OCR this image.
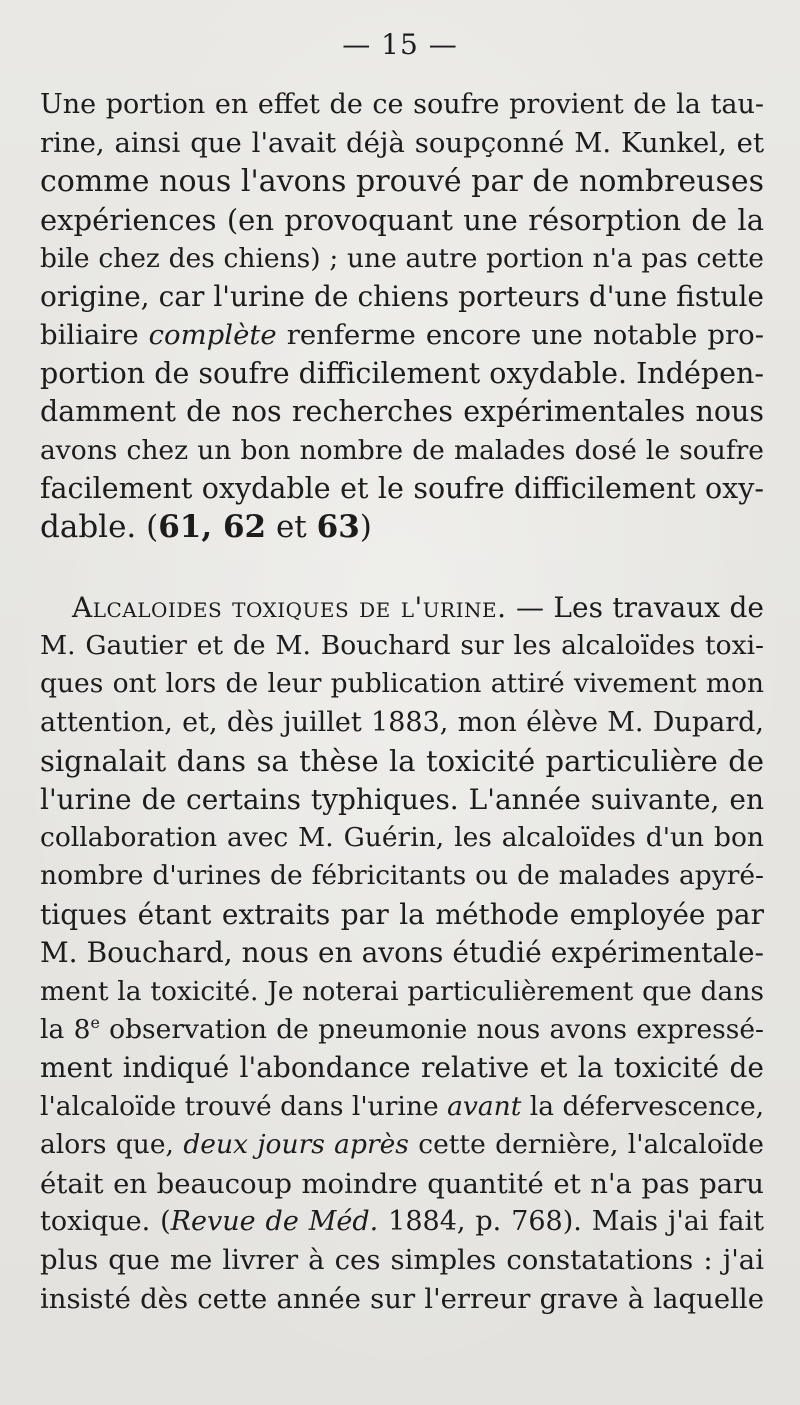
— 15 —
Une portion en effet de ce soufre provient de la tau-
rine, ainsi que l'avait déjà soupçonné M. Kunkel, et
comme nous l'avons prouvé par de nombreuses
expériences (en provoquant une résorption de la
bile chez des chiens) ; une autre portion n'a pas cette
origine, car l'urine de chiens porteurs d'une fistule
biliaire complète renferme encore une notable pro-
portion de soufre difficilement oxydable. Indépen-
damment de nos recherches expérimentales nous
avons chez un bon nombre de malades dosé le soufre
facilement oxydable et le soufre difficilement oxy-
dable. (61, 62 et 63)
Alcaloides toxiques de l'urine. — Les travaux de
M. Gautier et de M. Bouchard sur les alcaloïdes toxi-
ques ont lors de leur publication attiré vivement mon
attention, et, dès juillet 1883, mon élève M. Dupard,
signalait dans sa thèse la toxicité particulière de
l'urine de certains typhiques. L'année suivante, en
collaboration avec M. Guérin, les alcaloïdes d'un bon
nombre d'urines de fébricitants ou de malades apyré-
tiques étant extraits par la méthode employée par
M. Bouchard, nous en avons étudié expérimentale-
ment la toxicité. Je noterai particulièrement que dans
la 8e observation de pneumonie nous avons expressé-
ment indiqué l'abondance relative et la toxicité de
l'alcaloïde trouvé dans l'urine avant la défervescence,
alors que, deux jours après cette dernière, l'alcaloïde
était en beaucoup moindre quantité et n'a pas paru
toxique. (Revue de Méd. 1884, p. 768). Mais j'ai fait
plus que me livrer à ces simples constatations : j'ai
insisté dès cette année sur l'erreur grave à laquelle
